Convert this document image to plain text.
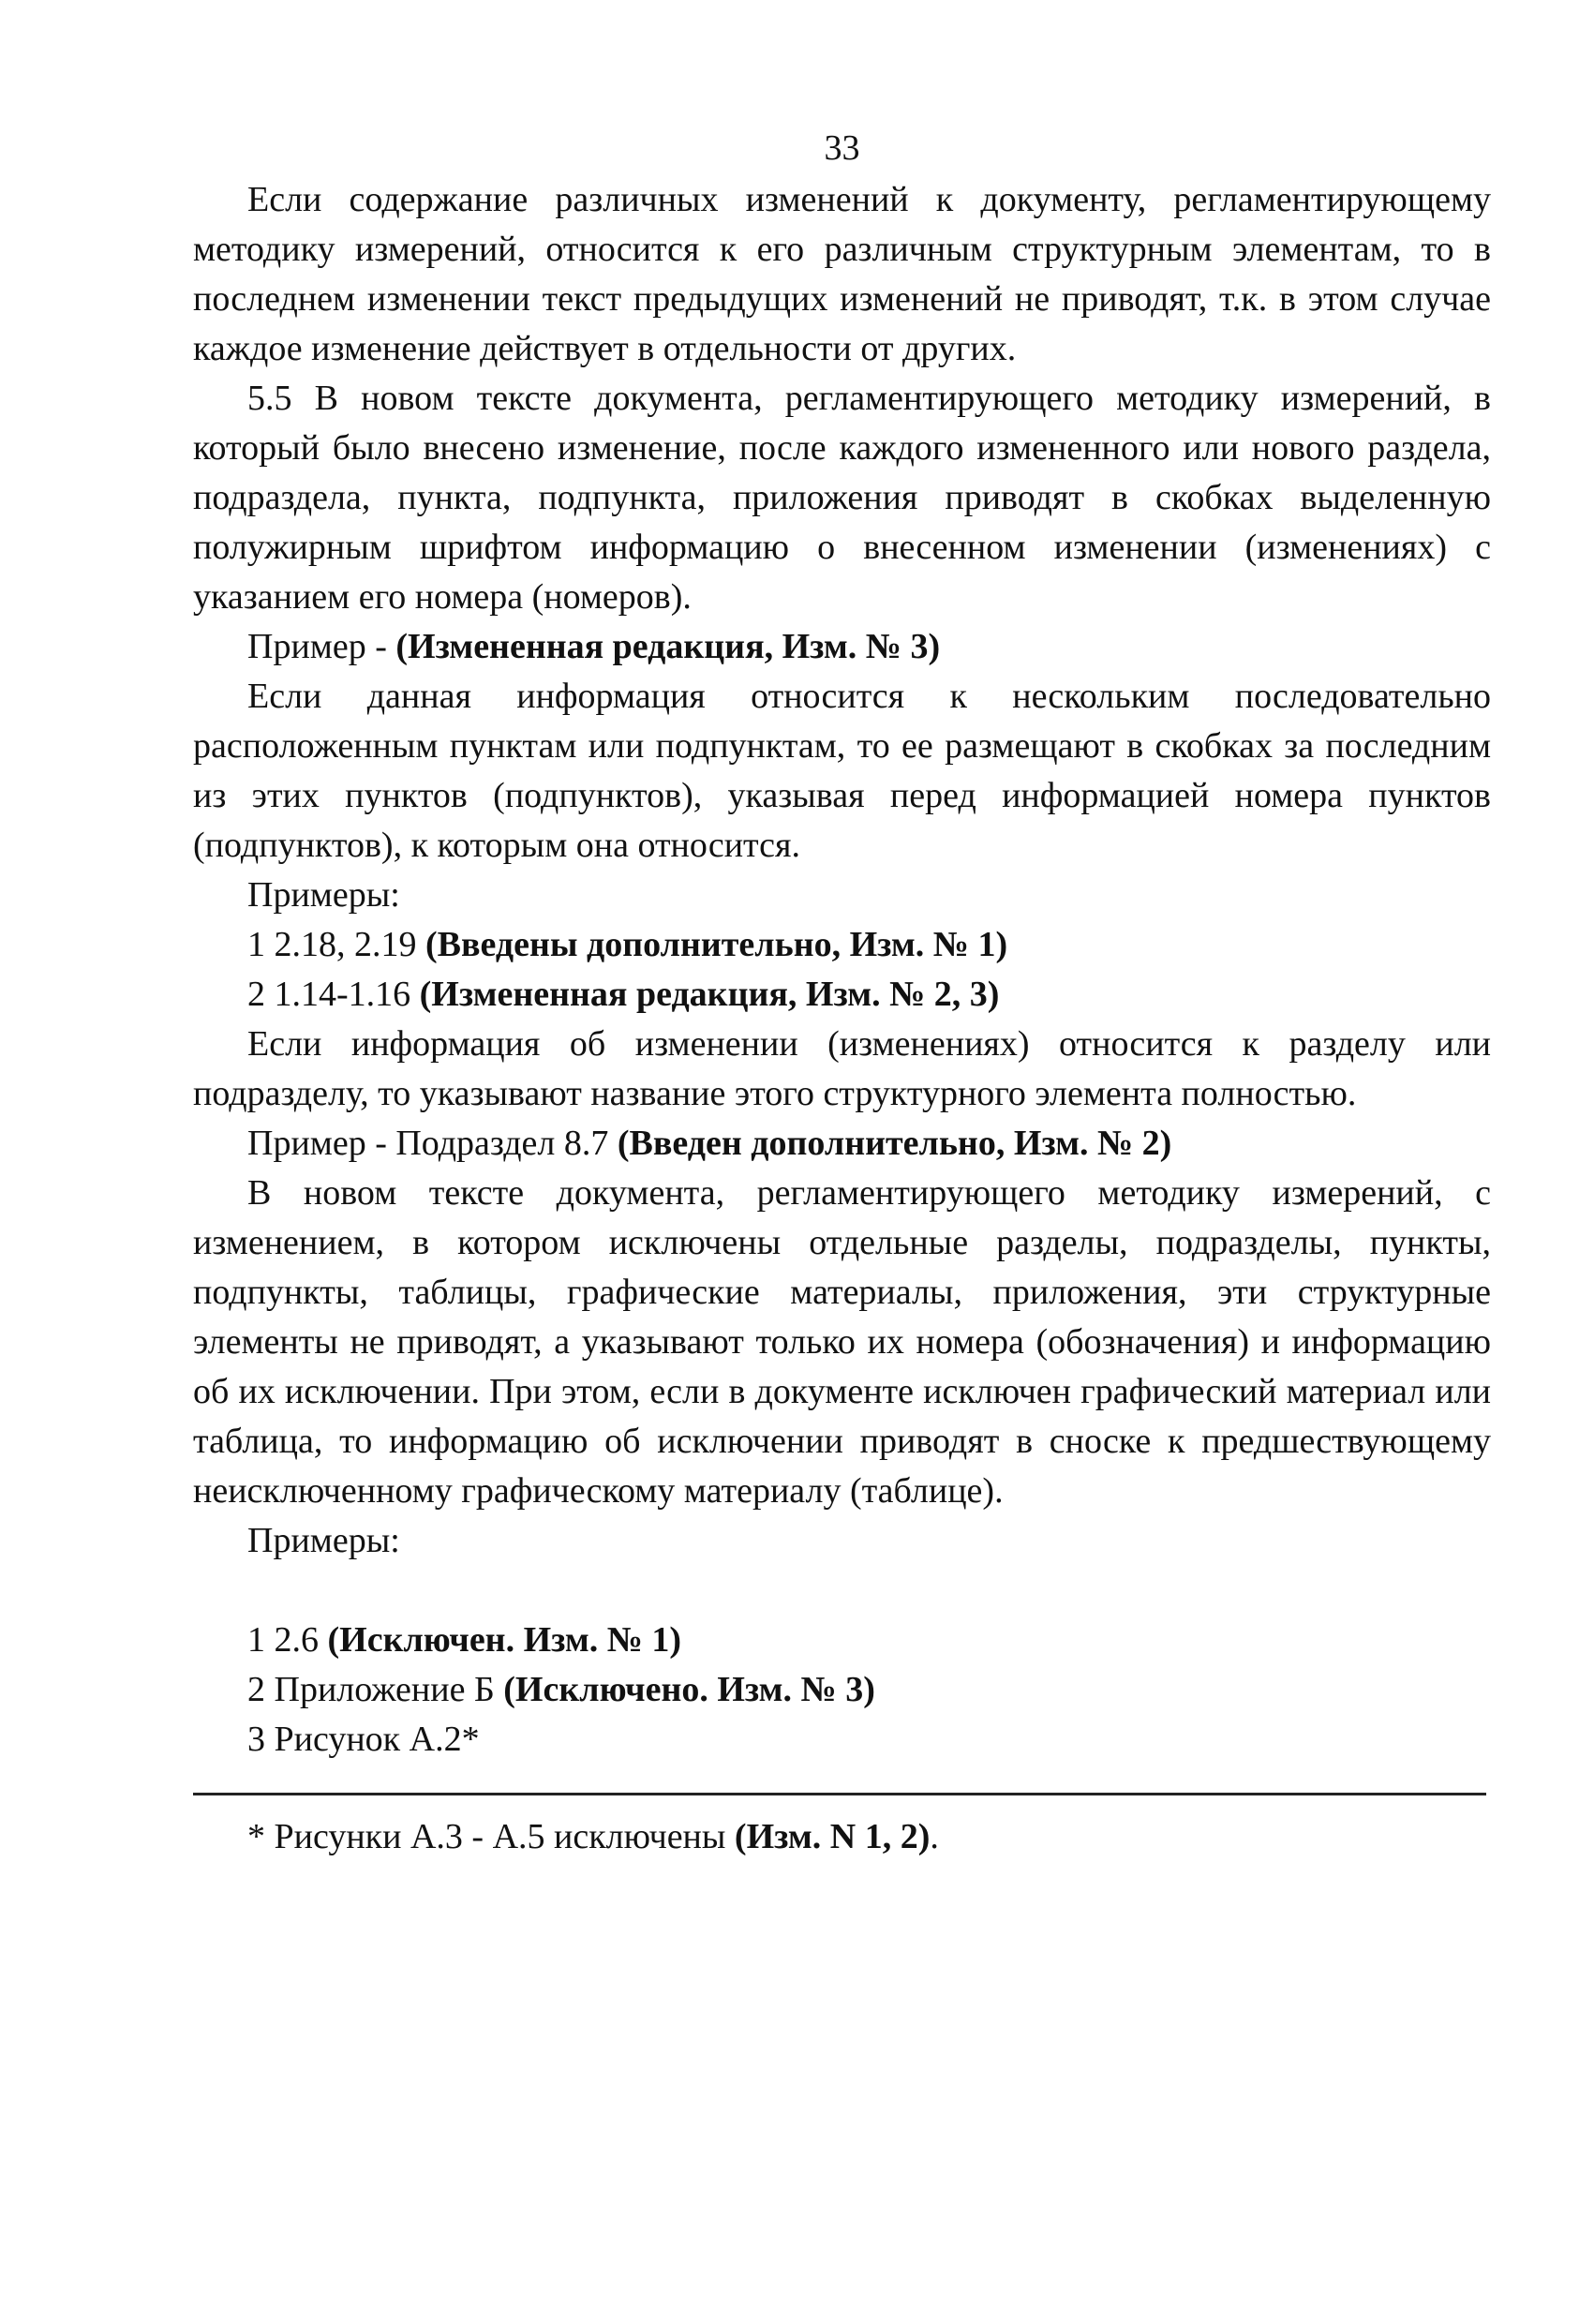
33

Если содержание различных изменений к документу, регламентирующему методику измерений, относится к его различным структурным элементам, то в последнем изменении текст предыдущих изменений не приводят, т.к. в этом случае каждое изменение действует в отдельности от других.

5.5 В новом тексте документа, регламентирующего методику измерений, в который было внесено изменение, после каждого измененного или нового раздела, подраздела, пункта, подпункта, приложения приводят в скобках выделенную полужирным шрифтом информацию о внесенном изменении (изменениях) с указанием его номера (номеров).

Пример - (Измененная редакция, Изм. № 3)

Если данная информация относится к нескольким последовательно расположенным пунктам или подпунктам, то ее размещают в скобках за последним из этих пунктов (подпунктов), указывая перед информацией номера пунктов (подпунктов), к которым она относится.

Примеры:

1 2.18, 2.19 (Введены дополнительно, Изм. № 1)

2 1.14-1.16 (Измененная редакция, Изм. № 2, 3)

Если информация об изменении (изменениях) относится к разделу или подразделу, то указывают название этого структурного элемента полностью.

Пример - Подраздел 8.7 (Введен дополнительно, Изм. № 2)

В новом тексте документа, регламентирующего методику измерений, с изменением, в котором исключены отдельные разделы, подразделы, пункты, подпункты, таблицы, графические материалы, приложения, эти структурные элементы не приводят, а указывают только их номера (обозначения) и информацию об их исключении. При этом, если в документе исключен графический материал или таблица, то информацию об исключении приводят в сноске к предшествующему неисключенному графическому материалу (таблице).

Примеры:

1 2.6 (Исключен. Изм. № 1)

2 Приложение Б (Исключено. Изм. № 3)

3 Рисунок А.2*

* Рисунки А.3 - А.5 исключены (Изм. N 1, 2).
